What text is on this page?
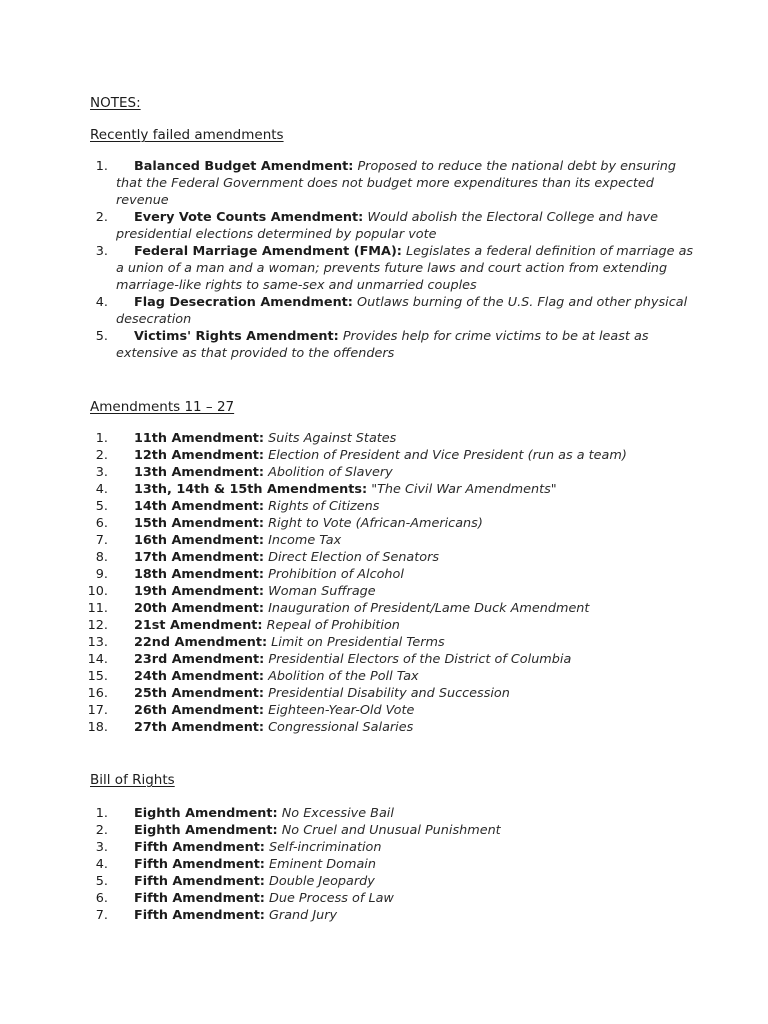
NOTES:
Recently failed amendments
1.	Balanced Budget Amendment: Proposed to reduce the national debt by ensuring
that the Federal Government does not budget more expenditures than its expected
revenue
2.	Every Vote Counts Amendment: Would abolish the Electoral College and have
presidential elections determined by popular vote
3.	Federal Marriage Amendment (FMA): Legislates a federal definition of marriage as
a union of a man and a woman; prevents future laws and court action from extending
marriage-like rights to same-sex and unmarried couples
4.	Flag Desecration Amendment: Outlaws burning of the U.S. Flag and other physical
desecration
5.	Victims' Rights Amendment: Provides help for crime victims to be at least as
extensive as that provided to the offenders
Amendments 11 – 27
1.	11th Amendment: Suits Against States
2.	12th Amendment: Election of President and Vice President (run as a team)
3.	13th Amendment: Abolition of Slavery
4.	13th, 14th & 15th Amendments: "The Civil War Amendments"
5.	14th Amendment: Rights of Citizens
6.	15th Amendment: Right to Vote (African-Americans)
7.	16th Amendment: Income Tax
8.	17th Amendment: Direct Election of Senators
9.	18th Amendment: Prohibition of Alcohol
10.	19th Amendment: Woman Suffrage
11.	20th Amendment: Inauguration of President/Lame Duck Amendment
12.	21st Amendment: Repeal of Prohibition
13.	22nd Amendment: Limit on Presidential Terms
14.	23rd Amendment: Presidential Electors of the District of Columbia
15.	24th Amendment: Abolition of the Poll Tax
16.	25th Amendment: Presidential Disability and Succession
17.	26th Amendment: Eighteen-Year-Old Vote
18.	27th Amendment: Congressional Salaries
Bill of Rights
1.	Eighth Amendment: No Excessive Bail
2.	Eighth Amendment: No Cruel and Unusual Punishment
3.	Fifth Amendment: Self-incrimination
4.	Fifth Amendment: Eminent Domain
5.	Fifth Amendment: Double Jeopardy
6.	Fifth Amendment: Due Process of Law
7.	Fifth Amendment: Grand Jury
